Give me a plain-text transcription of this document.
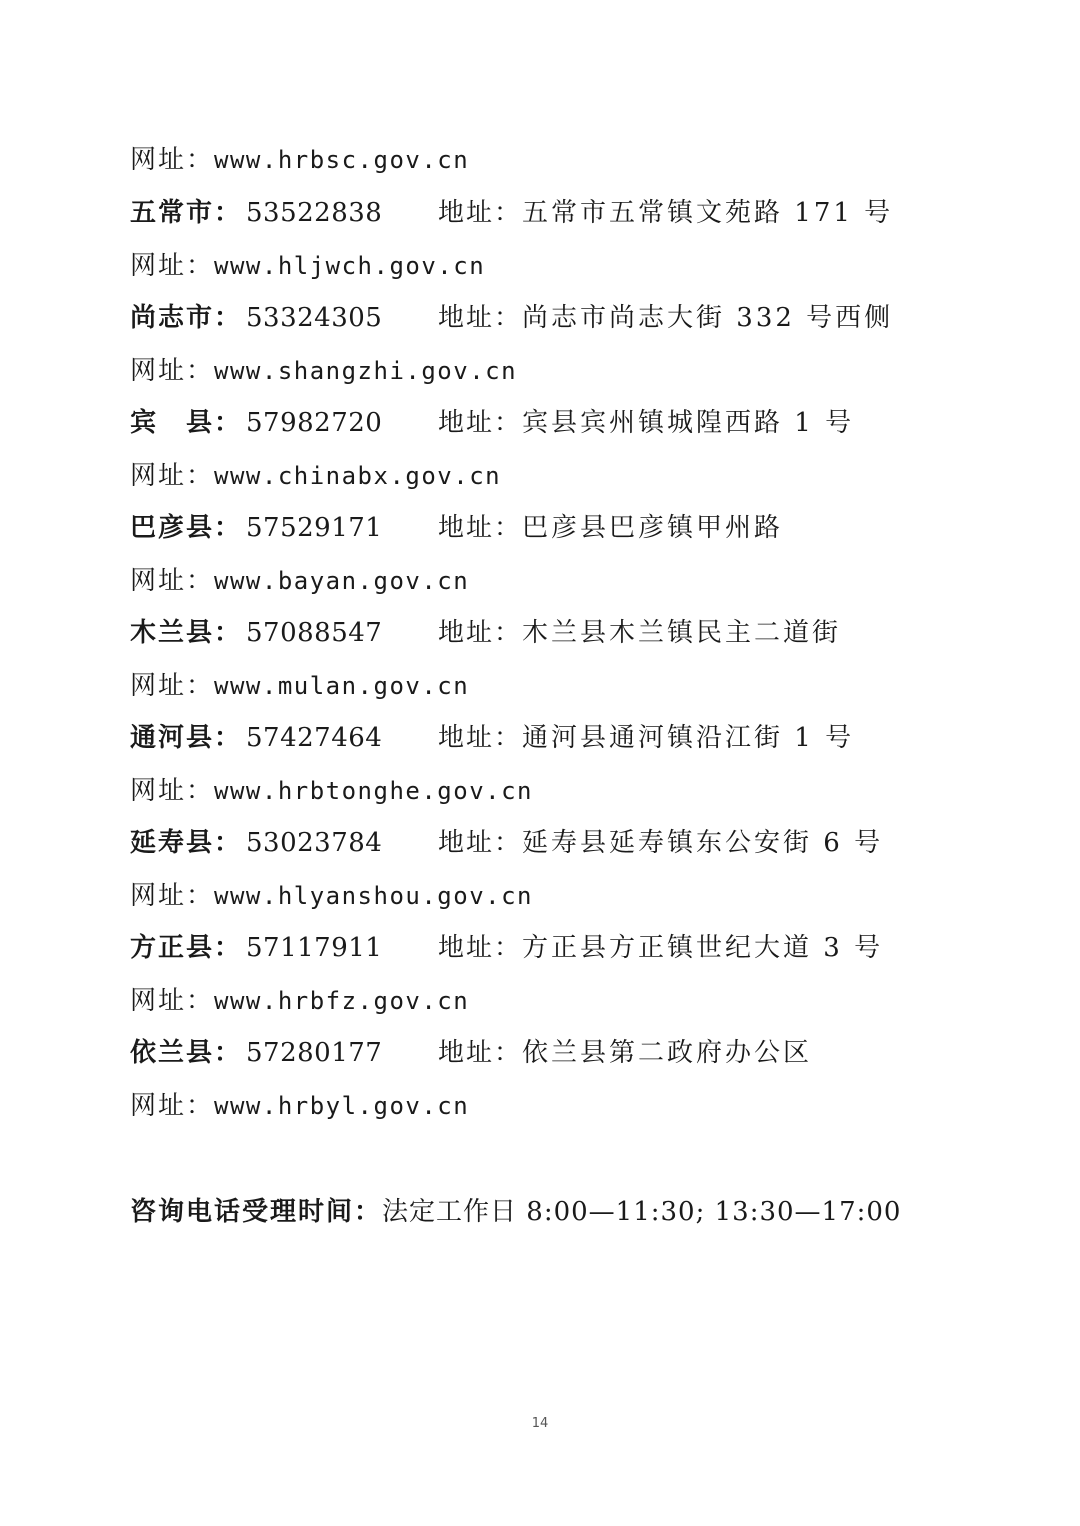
网址：www.hrbsc.gov.cn
五常市： 53522838 地址：五常市五常镇文苑路 171 号
网址：www.hljwch.gov.cn
尚志市： 53324305 地址：尚志市尚志大街 332 号西侧
网址：www.shangzhi.gov.cn
宾　县： 57982720 地址：宾县宾州镇城隍西路 1 号
网址：www.chinabx.gov.cn
巴彦县： 57529171 地址：巴彦县巴彦镇甲州路
网址：www.bayan.gov.cn
木兰县： 57088547 地址：木兰县木兰镇民主二道街
网址：www.mulan.gov.cn
通河县： 57427464 地址：通河县通河镇沿江街 1 号
网址：www.hrbtonghe.gov.cn
延寿县： 53023784 地址：延寿县延寿镇东公安街 6 号
网址：www.hlyanshou.gov.cn
方正县： 57117911 地址：方正县方正镇世纪大道 3 号
网址：www.hrbfz.gov.cn
依兰县： 57280177 地址：依兰县第二政府办公区
网址：www.hrbyl.gov.cn
咨询电话受理时间：法定工作日 8:00—11:30; 13:30—17:00
14
